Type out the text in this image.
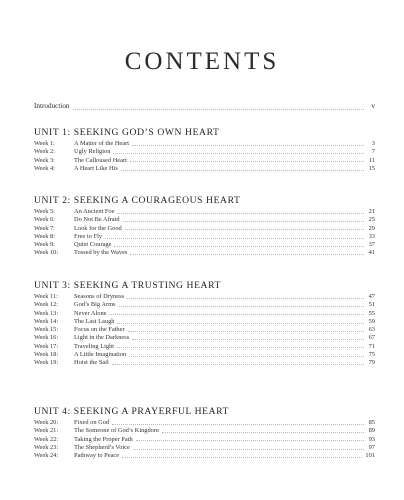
CONTENTS
Introduction	v
UNIT 1: SEEKING GOD’S OWN HEART
Week 1:	A Matter of the Heart	3
Week 2:	Ugly Religion	7
Week 3:	The Calloused Heart	11
Week 4:	A Heart Like His	15
UNIT 2: SEEKING A COURAGEOUS HEART
Week 5:	An Ancient Foe	21
Week 6:	Do Not Be Afraid	25
Week 7:	Look for the Good	29
Week 8:	Free to Fly	33
Week 9:	Quiet Courage	37
Week 10:	Tossed by the Waves	41
UNIT 3: SEEKING A TRUSTING HEART
Week 11:	Seasons of Dryness	47
Week 12:	God’s Big Arms	51
Week 13:	Never Alone	55
Week 14:	The Last Laugh	59
Week 15:	Focus on the Father	63
Week 16:	Light in the Darkness	67
Week 17:	Traveling Light	71
Week 18:	A Little Imagination	75
Week 19:	Hoist the Sail	79
UNIT 4: SEEKING A PRAYERFUL HEART
Week 20:	Fixed on God	85
Week 21:	The Someone of God’s Kingdom	89
Week 22:	Taking the Proper Path	93
Week 23:	The Shepherd’s Voice	97
Week 24:	Pathway to Peace	101
